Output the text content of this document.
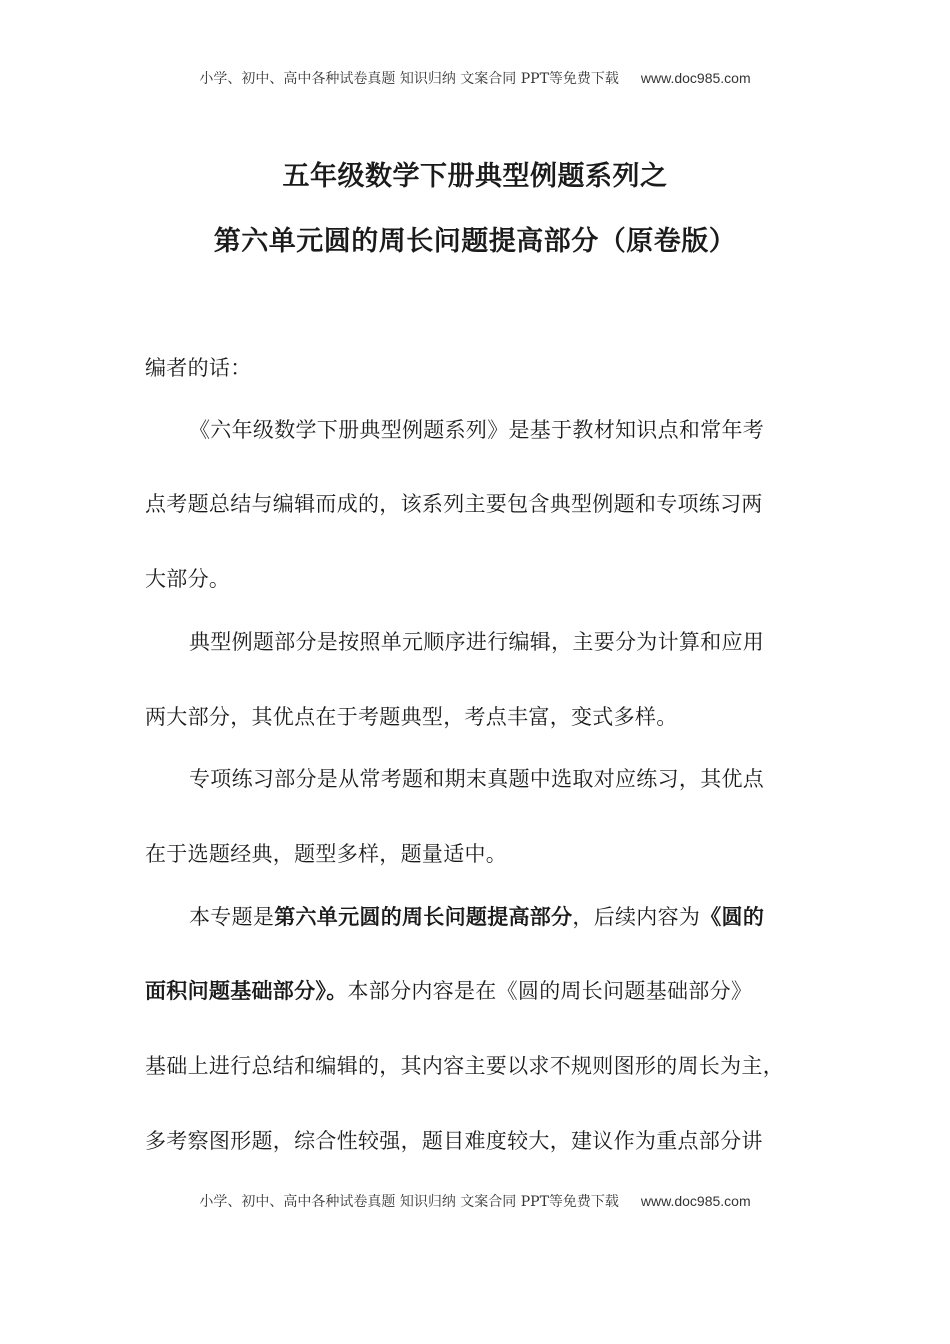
小学、初中、高中各种试卷真题 知识归纳 文案合同 PPT等免费下载 www.doc985.com
五年级数学下册典型例题系列之
第六单元圆的周长问题提高部分（原卷版）
编者的话：
《六年级数学下册典型例题系列》是基于教材知识点和常年考
点考题总结与编辑而成的，该系列主要包含典型例题和专项练习两
大部分。
典型例题部分是按照单元顺序进行编辑，主要分为计算和应用
两大部分，其优点在于考题典型，考点丰富，变式多样。
专项练习部分是从常考题和期末真题中选取对应练习，其优点
在于选题经典，题型多样，题量适中。
本专题是第六单元圆的周长问题提高部分，后续内容为《圆的
面积问题基础部分》。本部分内容是在《圆的周长问题基础部分》
基础上进行总结和编辑的，其内容主要以求不规则图形的周长为主，
多考察图形题，综合性较强，题目难度较大，建议作为重点部分讲
小学、初中、高中各种试卷真题 知识归纳 文案合同 PPT等免费下载 www.doc985.com
